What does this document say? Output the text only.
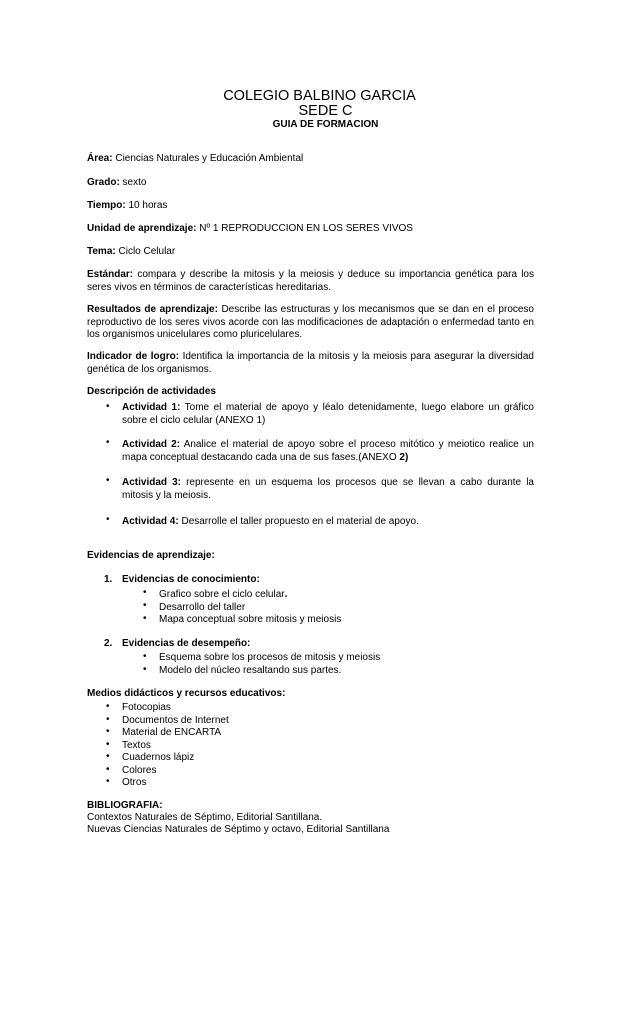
COLEGIO BALBINO GARCIA
SEDE C
GUIA DE FORMACION
Área: Ciencias Naturales y Educación Ambiental
Grado: sexto
Tiempo: 10 horas
Unidad de aprendizaje: Nº 1 REPRODUCCION EN LOS SERES VIVOS
Tema: Ciclo Celular
Estándar: compara y describe la mitosis y la meiosis y deduce su importancia genética para los seres vivos en términos de características hereditarias.
Resultados de aprendizaje: Describe las estructuras y los mecanismos que se dan en el proceso reproductivo de los seres vivos acorde con las modificaciones de adaptación o enfermedad tanto en los organismos unicelulares como pluricelulares.
Indicador de logro: Identifica la importancia de la mitosis y la meiosis para asegurar la diversidad genética de los organismos.
Descripción de actividades
• Actividad 1: Tome el material de apoyo y léalo detenidamente, luego elabore un gráfico sobre el ciclo celular (ANEXO 1)
• Actividad 2: Analice el material de apoyo sobre el proceso mitótico y meiotico realice un mapa conceptual destacando cada una de sus fases.(ANEXO 2)
• Actividad 3: represente en un esquema los procesos que se llevan a cabo durante la mitosis y la meiosis.
• Actividad 4: Desarrolle el taller propuesto en el material de apoyo.
Evidencias de aprendizaje:
1. Evidencias de conocimiento:
• Grafico sobre el ciclo celular.
• Desarrollo del taller
• Mapa conceptual sobre mitosis y meiosis
2. Evidencias de desempeño:
• Esquema sobre los procesos de mitosis y meiosis
• Modelo del núcleo resaltando sus partes.
Medios didácticos y recursos educativos:
• Fotocopias
• Documentos de Internet
• Material de ENCARTA
• Textos
• Cuadernos lápiz
• Colores
• Otros
BIBLIOGRAFIA:
Contextos Naturales de Séptimo, Editorial Santillana.
Nuevas Ciencias Naturales de Séptimo y octavo, Editorial Santillana
